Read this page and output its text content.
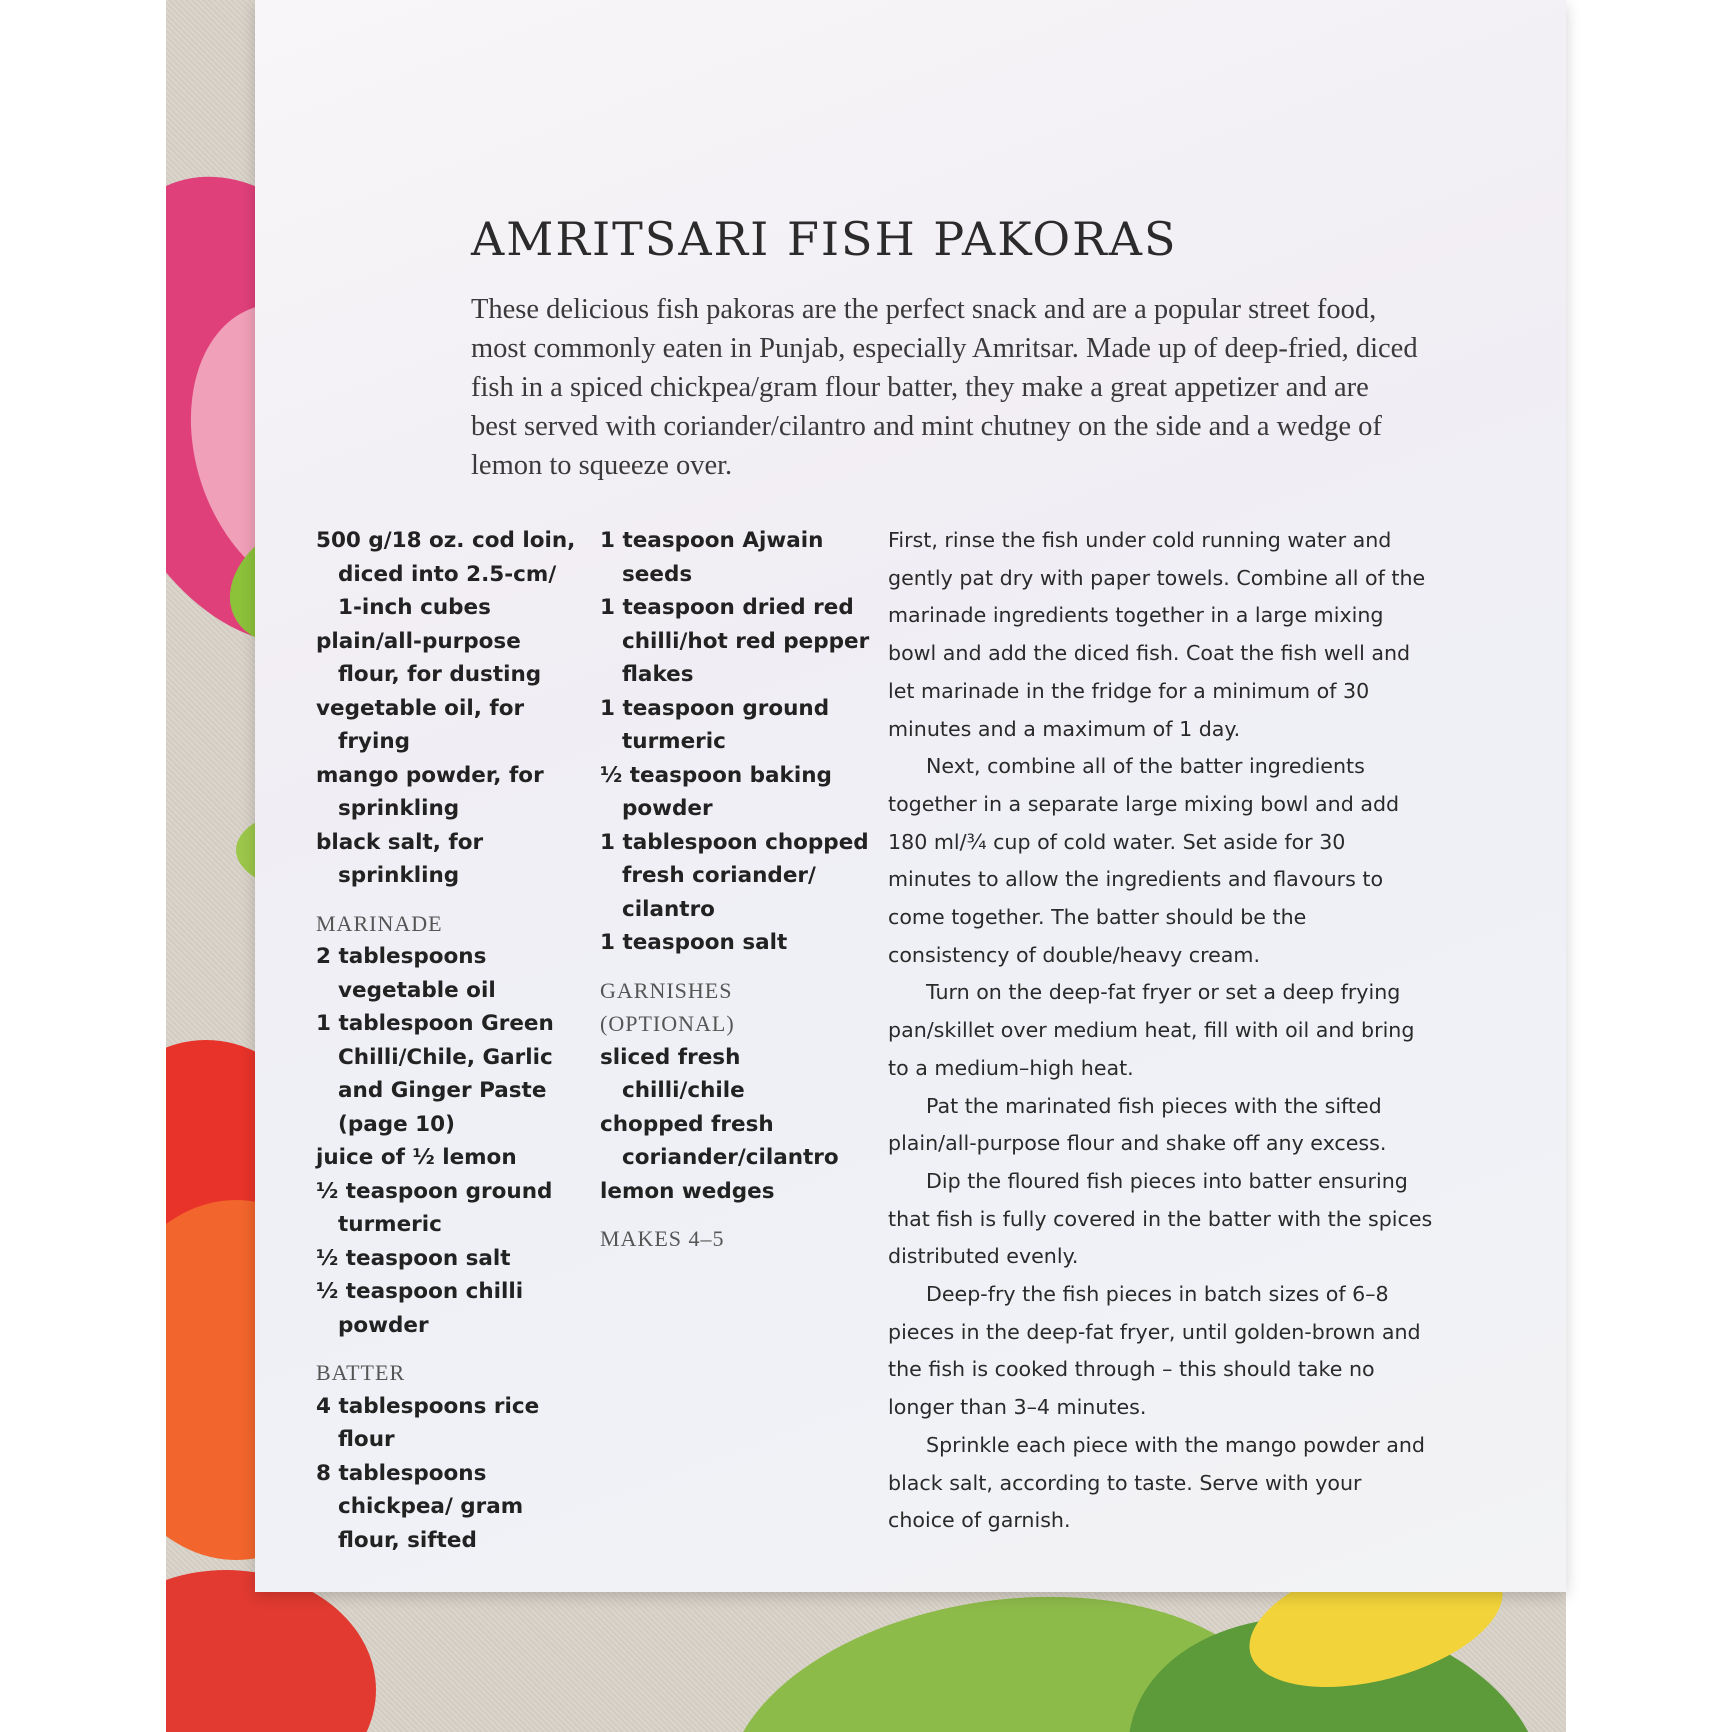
AMRITSARI FISH PAKORAS

These delicious fish pakoras are the perfect snack and are a popular street food, most commonly eaten in Punjab, especially Amritsar. Made up of deep-fried, diced fish in a spiced chickpea/gram flour batter, they make a great appetizer and are best served with coriander/cilantro and mint chutney on the side and a wedge of lemon to squeeze over.

500 g/18 oz. cod loin, diced into 2.5-cm/ 1-inch cubes

plain/all-purpose flour, for dusting

vegetable oil, for frying

mango powder, for sprinkling

black salt, for sprinkling

MARINADE

2 tablespoons vegetable oil

1 tablespoon Green Chilli/Chile, Garlic and Ginger Paste (page 10)

juice of ½ lemon

½ teaspoon ground turmeric

½ teaspoon salt

½ teaspoon chilli powder

BATTER

4 tablespoons rice flour

8 tablespoons chickpea/ gram flour, sifted

1 teaspoon Ajwain seeds

1 teaspoon dried red chilli/hot red pepper flakes

1 teaspoon ground turmeric

½ teaspoon baking powder

1 tablespoon chopped fresh coriander/ cilantro

1 teaspoon salt

GARNISHES (OPTIONAL)

sliced fresh chilli/chile

chopped fresh coriander/cilantro

lemon wedges

MAKES 4–5

First, rinse the fish under cold running water and gently pat dry with paper towels. Combine all of the marinade ingredients together in a large mixing bowl and add the diced fish. Coat the fish well and let marinade in the fridge for a minimum of 30 minutes and a maximum of 1 day.

Next, combine all of the batter ingredients together in a separate large mixing bowl and add 180 ml/¾ cup of cold water. Set aside for 30 minutes to allow the ingredients and flavours to come together. The batter should be the consistency of double/heavy cream.

Turn on the deep-fat fryer or set a deep frying pan/skillet over medium heat, fill with oil and bring to a medium–high heat.

Pat the marinated fish pieces with the sifted plain/all-purpose flour and shake off any excess.

Dip the floured fish pieces into batter ensuring that fish is fully covered in the batter with the spices distributed evenly.

Deep-fry the fish pieces in batch sizes of 6–8 pieces in the deep-fat fryer, until golden-brown and the fish is cooked through – this should take no longer than 3–4 minutes.

Sprinkle each piece with the mango powder and black salt, according to taste. Serve with your choice of garnish.
